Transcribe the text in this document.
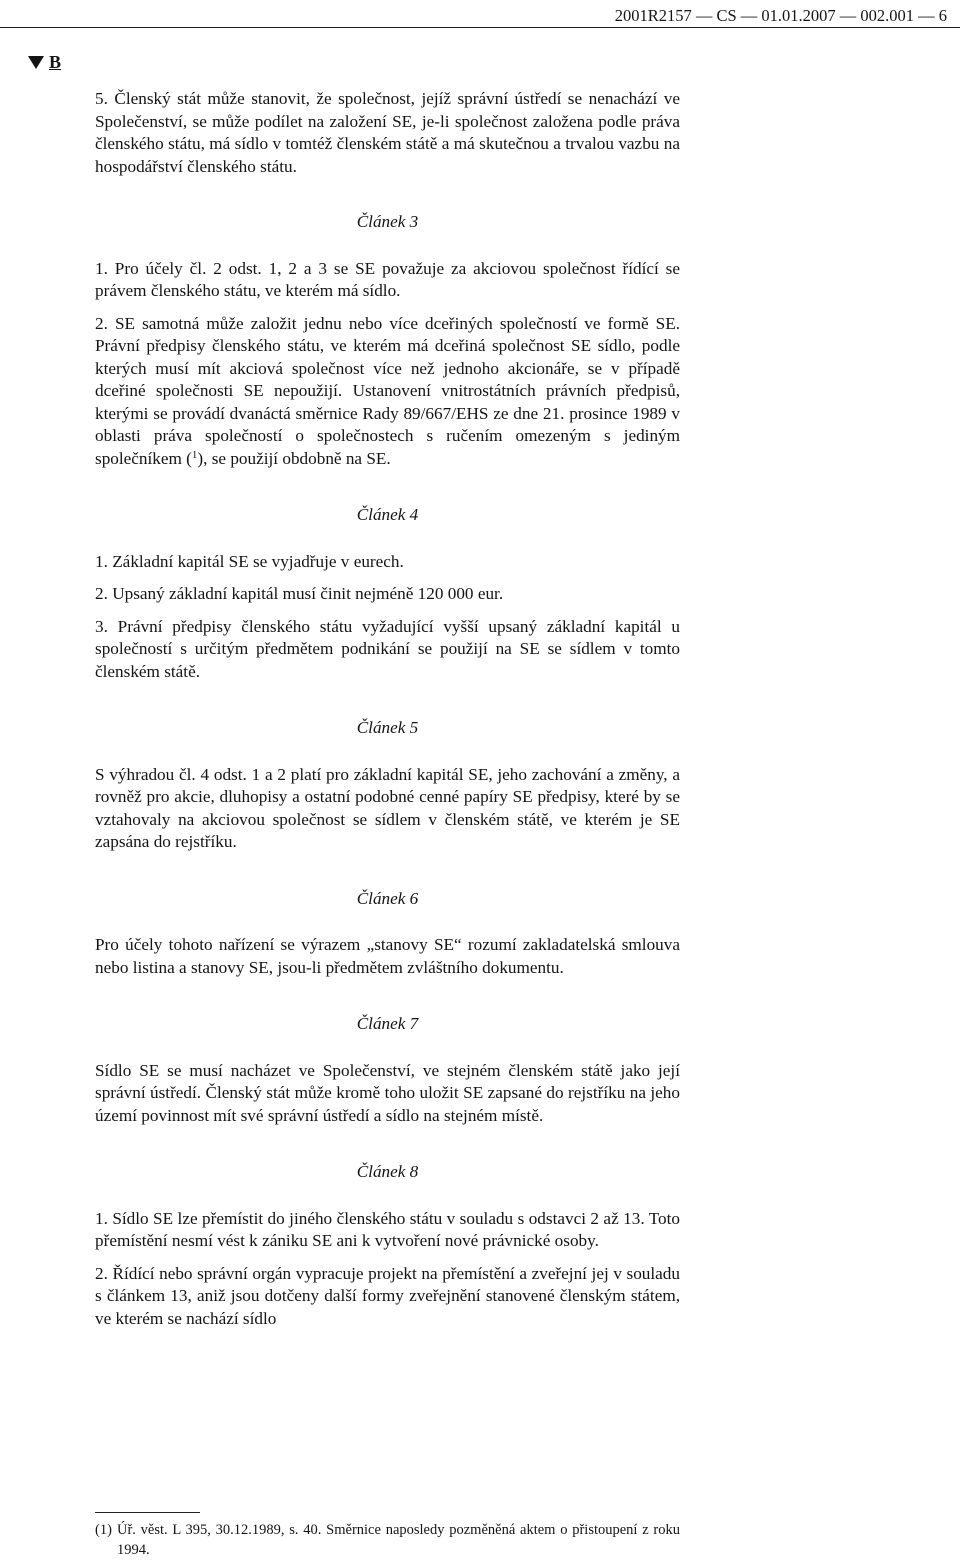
2001R2157 — CS — 01.01.2007 — 002.001 — 6
B

5. Členský stát může stanovit, že společnost, jejíž správní ústředí se nenachází ve Společenství, se může podílet na založení SE, je-li společnost založena podle práva členského státu, má sídlo v tomtéž členském státě a má skutečnou a trvalou vazbu na hospodářství členského státu.

Článek 3

1. Pro účely čl. 2 odst. 1, 2 a 3 se SE považuje za akciovou společnost řídící se právem členského státu, ve kterém má sídlo.

2. SE samotná může založit jednu nebo více dceřiných společností ve formě SE. Právní předpisy členského státu, ve kterém má dceřiná společnost SE sídlo, podle kterých musí mít akciová společnost více než jednoho akcionáře, se v případě dceřiné společnosti SE nepoužijí. Ustanovení vnitrostátních právních předpisů, kterými se provádí dvanáctá směrnice Rady 89/667/EHS ze dne 21. prosince 1989 v oblasti práva společností o společnostech s ručením omezeným s jediným společníkem ($^1$), se použijí obdobně na SE.

Článek 4

1. Základní kapitál SE se vyjadřuje v eurech.

2. Upsaný základní kapitál musí činit nejméně 120 000 eur.

3. Právní předpisy členského státu vyžadující vyšší upsaný základní kapitál u společností s určitým předmětem podnikání se použijí na SE se sídlem v tomto členském státě.

Článek 5

S výhradou čl. 4 odst. 1 a 2 platí pro základní kapitál SE, jeho zachování a změny, a rovněž pro akcie, dluhopisy a ostatní podobné cenné papíry SE předpisy, které by se vztahovaly na akciovou společnost se sídlem v členském státě, ve kterém je SE zapsána do rejstříku.

Článek 6

Pro účely tohoto nařízení se výrazem „stanovy SE“ rozumí zakladatelská smlouva nebo listina a stanovy SE, jsou-li předmětem zvláštního dokumentu.

Článek 7

Sídlo SE se musí nacházet ve Společenství, ve stejném členském státě jako její správní ústředí. Členský stát může kromě toho uložit SE zapsané do rejstříku na jeho území povinnost mít své správní ústředí a sídlo na stejném místě.

Článek 8

1. Sídlo SE lze přemístit do jiného členského státu v souladu s odstavci 2 až 13. Toto přemístění nesmí vést k zániku SE ani k vytvoření nové právnické osoby.

2. Řídící nebo správní orgán vypracuje projekt na přemístění a zveřejní jej v souladu s článkem 13, aniž jsou dotčeny další formy zveřejnění stanovené členským státem, ve kterém se nachází sídlo

(1) Úř. věst. L 395, 30.12.1989, s. 40. Směrnice naposledy pozměněná aktem o přistoupení z roku 1994.
